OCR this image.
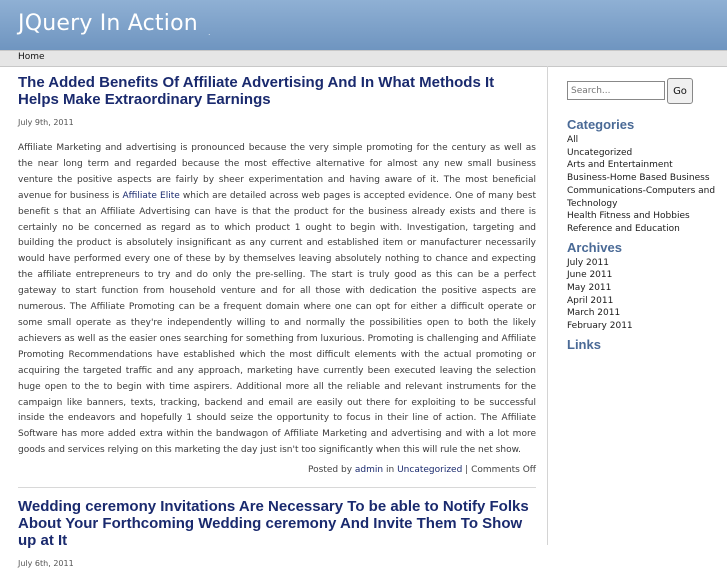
JQuery In Action .
Home
The Added Benefits Of Affiliate Advertising And In What Methods It Helps Make Extraordinary Earnings
July 9th, 2011
Affiliate Marketing and advertising is pronounced because the very simple promoting for the century as well as the near long term and regarded because the most effective alternative for almost any new small business venture the positive aspects are fairly by sheer experimentation and having aware of it. The most beneficial avenue for business is Affiliate Elite which are detailed across web pages is accepted evidence. One of many best benefit s that an Affiliate Advertising can have is that the product for the business already exists and there is certainly no be concerned as regard as to which product 1 ought to begin with. Investigation, targeting and building the product is absolutely insignificant as any current and established item or manufacturer necessarily would have performed every one of these by by themselves leaving absolutely nothing to chance and expecting the affiliate entrepreneurs to try and do only the pre-selling. The start is truly good as this can be a perfect gateway to start function from household venture and for all those with dedication the positive aspects are numerous. The Affiliate Promoting can be a frequent domain where one can opt for either a difficult operate or some small operate as they're independently willing to and normally the possibilities open to both the likely achievers as well as the easier ones searching for something from luxurious. Promoting is challenging and Affiliate Promoting Recommendations have established which the most difficult elements with the actual promoting or acquiring the targeted traffic and any approach, marketing have currently been executed leaving the selection huge open to the to begin with time aspirers. Additional more all the reliable and relevant instruments for the campaign like banners, texts, tracking, backend and email are easily out there for exploiting to be successful inside the endeavors and hopefully 1 should seize the opportunity to focus in their line of action. The Affiliate Software has more added extra within the bandwagon of Affiliate Marketing and advertising and with a lot more goods and services relying on this marketing the day just isn't too significantly when this will rule the net show.
Posted by admin in Uncategorized | Comments Off
Wedding ceremony Invitations Are Necessary To be able to Notify Folks About Your Forthcoming Wedding ceremony And Invite Them To Show up at It
July 6th, 2011
Search...
Go
Categories
All
Uncategorized
Arts and Entertainment
Business-Home Based Business
Communications-Computers and Technology
Health Fitness and Hobbies
Reference and Education
Archives
July 2011
June 2011
May 2011
April 2011
March 2011
February 2011
Links
